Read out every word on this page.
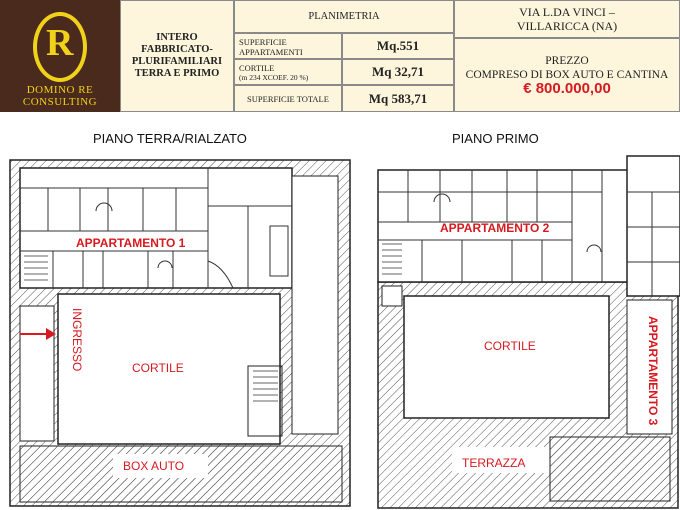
R
DOMINO RE
CONSULTING
INTERO
FABBRICATO-
PLURIFAMILIARI
TERRA E PRIMO
PLANIMETRIA
SUPERFICIE
APPARTAMENTI	Mq.551
CORTILE
(m 234 XCOEF. 20 %)	Mq 32,71
SUPERFICIE TOTALE	Mq 583,71
VIA L.DA VINCI –
VILLARICCA (NA)
PREZZO
COMPRESO DI BOX AUTO E CANTINA
€ 800.000,00
PIANO TERRA/RIALZATO	PIANO PRIMO
APPARTAMENTO 1
INGRESSO	CORTILE
BOX AUTO
APPARTAMENTO 2
APPARTAMENTO 3
CORTILE
TERRAZZA
